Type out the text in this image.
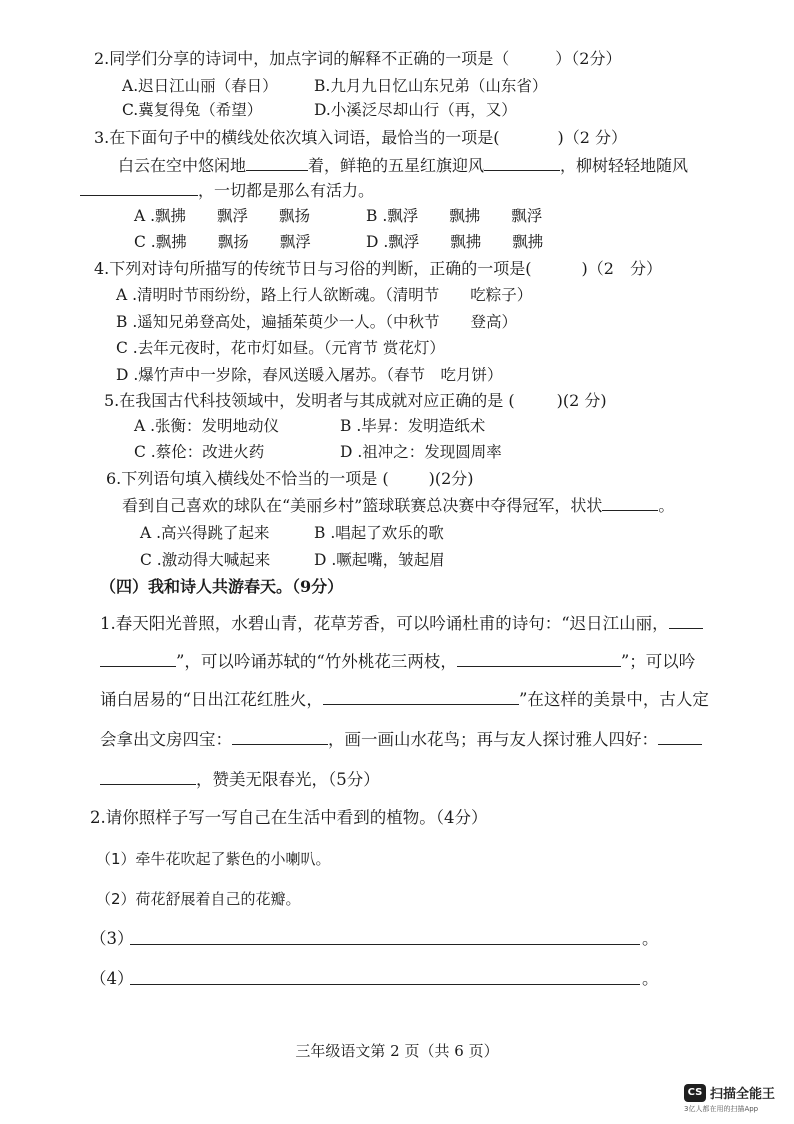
2.同学们分享的诗词中，加点字词的解释不正确的一项是（	）（2分）
A.迟日江山丽（春日） B.九月九日忆山东兄弟（山东省）
C.冀复得兔（希望）	D.小溪泛尽却山行（再，又）
3.在下面句子中的横线处依次填入词语，最恰当的一项是(	)（2 分）
白云在空中悠闲地	着，鲜艳的五星红旗迎风	，柳树轻轻地随风
，一切都是那么有活力。
A .飘拂　　飘浮　　飘扬	B .飘浮　　飘拂　　飘浮
C .飘拂　　飘扬　　飘浮	D .飘浮　　飘拂　　飘拂
4.下列对诗句所描写的传统节日与习俗的判断，正确的一项是(	)（2　分）
A .清明时节雨纷纷，路上行人欲断魂。（清明节　　吃粽子）
B .遥知兄弟登高处，遍插茱萸少一人。（中秋节　　登高）
C .去年元夜时，花市灯如昼。（元宵节 赏花灯）
D .爆竹声中一岁除，春风送暖入屠苏。（春节　吃月饼）
5.在我国古代科技领域中，发明者与其成就对应正确的是 (	)(2 分)
A .张衡：发明地动仪	B .毕昇：发明造纸术
C .蔡伦：改进火药	D .祖冲之：发现圆周率
6.下列语句填入横线处不恰当的一项是 (	)(2分)
看到自己喜欢的球队在“美丽乡村”篮球联赛总决赛中夺得冠军，状状	。
A .高兴得跳了起来	B .唱起了欢乐的歌
C .激动得大喊起来	D .噘起嘴，皱起眉
（四）我和诗人共游春天。（9分）
1.春天阳光普照，水碧山青，花草芳香，可以吟诵杜甫的诗句：“迟日江山丽，
”，可以吟诵苏轼的“竹外桃花三两枝，	”；可以吟
诵白居易的“日出江花红胜火，	”在这样的美景中，古人定
会拿出文房四宝：	，画一画山水花鸟；再与友人探讨雅人四好：
，赞美无限春光，（5分）
2.请你照样子写一写自己在生活中看到的植物。（4分）
（1）牵牛花吹起了紫色的小喇叭。
（2）荷花舒展着自己的花瓣。
（3）	。
（4）	。
三年级语文第 2 页（共 6 页）
CS 扫描全能王
3亿人都在用的扫描App
